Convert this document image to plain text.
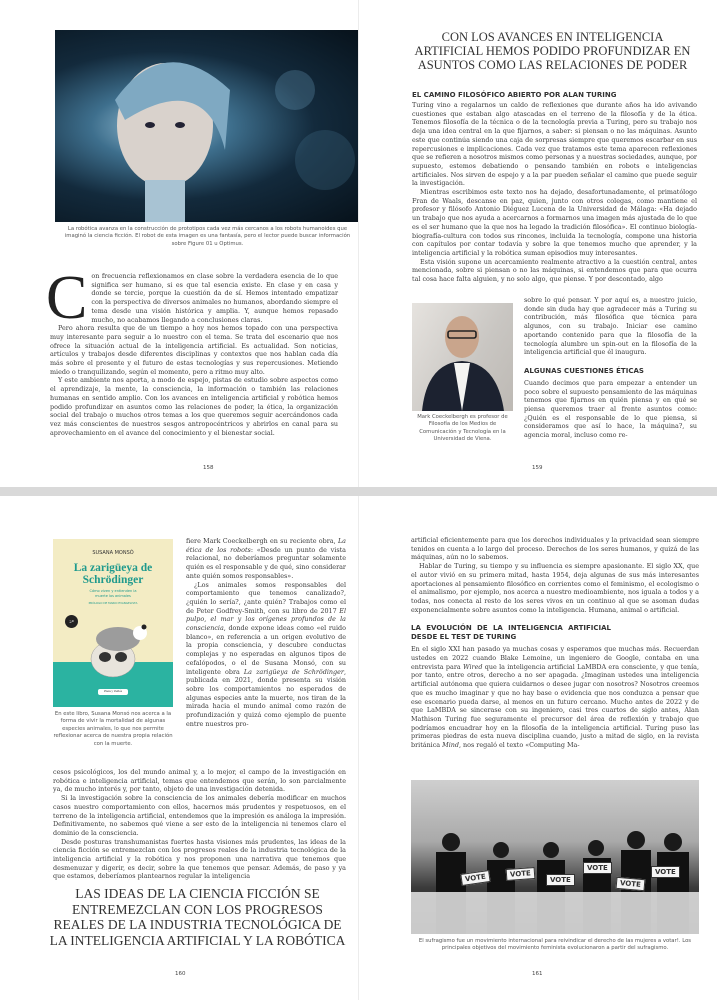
La robótica avanza en la construcción de prototipos cada vez más cercanos a los robots humanoides que imaginó la ciencia ficción. El robot de esta imagen es una fantasía, pero el lector puede buscar información sobre Figure 01 u Optimus.

Con frecuencia reflexionamos en clase sobre la verdadera esencia de lo que significa ser humano, si es que tal esencia existe. En clase y en casa y donde se tercie, porque la cuestión da de sí. Hemos intentado empatizar con la perspectiva de diversos animales no humanos, abordando siempre el tema desde una visión histórica y amplia. Y, aunque hemos repasado mucho, no acabamos llegando a conclusiones claras.

Pero ahora resulta que de un tiempo a hoy nos hemos topado con una perspectiva muy interesante para seguir a lo nuestro con el tema. Se trata del escenario que nos ofrece la situación actual de la inteligencia artificial. Es actualidad. Son noticias, artículos y trabajos desde diferentes disciplinas y contextos que nos hablan cada día más sobre el presente y el futuro de estas tecnologías y sus repercusiones. Metiendo miedo o tranquilizando, según el momento, pero a ritmo muy alto.

Y este ambiente nos aporta, a modo de espejo, pistas de estudio sobre aspectos como el aprendizaje, la mente, la consciencia, la información o también las relaciones humanas en sentido amplio. Con los avances en inteligencia artificial y robótica hemos podido profundizar en asuntos como las relaciones de poder, la ética, la organización social del trabajo o muchos otros temas a los que queremos seguir acercándonos cada vez más conscientes de nuestros sesgos antropocéntricos y abrirlos en canal para su aprovechamiento en el avance del conocimiento y el bienestar social.

158
CON LOS AVANCES EN INTELIGENCIA ARTIFICIAL HEMOS PODIDO PROFUNDIZAR EN ASUNTOS COMO LAS RELACIONES DE PODER
EL CAMINO FILOSÓFICO ABIERTO POR ALAN TURING

Turing vino a regalarnos un caldo de reflexiones que durante años ha ido avivando cuestiones que estaban algo atascadas en el terreno de la filosofía y de la ética. Tenemos filosofía de la técnica o de la tecnología previa a Turing, pero su trabajo nos deja una idea central en la que fijarnos, a saber: si piensan o no las máquinas. Asunto este que continúa siendo una caja de sorpresas siempre que queremos escarbar en sus repercusiones e implicaciones. Cada vez que tratamos este tema aparecen reflexiones que se refieren a nosotros mismos como personas y a nuestras sociedades, aunque, por supuesto, estemos debatiendo o pensando también en robots e inteligencias artificiales. Nos sirven de espejo y a la par pueden señalar el camino que puede seguir la investigación.

Mientras escribimos este texto nos ha dejado, desafortunadamente, el primatólogo Fran de Waals, descanse en paz, quien, junto con otros colegas, como mantiene el profesor y filósofo Antonio Diéguez Lucena de la Universidad de Málaga: «Ha dejado un trabajo que nos ayuda a acercarnos a formarnos una imagen más ajustada de lo que es el ser humano que la que nos ha legado la tradición filosófica». El continuo biología-biografía-cultura con todos sus rincones, incluida la tecnología, compone una historia con capítulos por contar todavía y sobre la que tenemos mucho que aprender, y la inteligencia artificial y la robótica suman episodios muy interesantes.

Esta visión supone un acercamiento realmente atractivo a la cuestión central, antes mencionada, sobre si piensan o no las máquinas, si entendemos que para que ocurra tal cosa hace falta alguien, y no solo algo, que piense. Y por descontado, algo

Mark Coeckelbergh es profesor de Filosofía de los Medios de Comunicación y Tecnología en la Universidad de Viena.

sobre lo qué pensar. Y por aquí es, a nuestro juicio, donde sin duda hay que agradecer más a Turing su contribución, más filosófica que técnica para algunos, con su trabajo. Iniciar ese camino aportando contenido para que la filosofía de la tecnología alumbre un spin-out en la filosofía de la inteligencia artificial que él inaugura.

ALGUNAS CUESTIONES ÉTICAS

Cuando decimos que para empezar a entender un poco sobre el supuesto pensamiento de las máquinas tenemos que fijarnos en quién piensa y en qué se piensa queremos traer al frente asuntos como: ¿Quién es el responsable de lo que piensa, si consideramos que así lo hace, la máquina?, su agencia moral, incluso como re-

159
SUSANA MONSÓ
La zarigüeya de Schrödinger
Cómo viven y entienden la muerte los animales
PRÓLOGO DE MARIO EVANGELISTA
2ª
Plaza y Valdés
En este libro, Susana Monsó nos acerca a la forma de vivir la mortalidad de algunas especies animales, lo que nos permite reflexionar acerca de nuestra propia relación con la muerte.

fiere Mark Coeckelbergh en su reciente obra, La ética de los robots: «Desde un punto de vista relacional, no deberíamos preguntar solamente quién es el responsable y de qué, sino considerar ante quién somos responsables».

¿Los animales somos responsables del comportamiento que tenemos canalizado?, ¿quién lo sería?, ¿ante quién? Trabajos como el de Peter Godfrey-Smith, con su libro de 2017 El pulpo, el mar y los orígenes profundos de la consciencia, donde expone ideas como «el ruido blanco», en referencia a un origen evolutivo de la propia consciencia, y descubre conductas complejas y no esperadas en algunos tipos de cefalópodos, o el de Susana Monsó, con su inteligente obra La zarigüeya de Schrödinger, publicada en 2021, donde presenta su visión sobre los comportamientos no esperados de algunas especies ante la muerte, nos tiran de la mirada hacia el mundo animal como razón de profundización y quizá como ejemplo de puente entre nuestros pro-

cesos psicológicos, los del mundo animal y, a lo mejor, el campo de la investigación en robótica e inteligencia artificial, temas que entendemos que serán, lo son parcialmente ya, de mucho interés y, por tanto, objeto de una investigación detenida.

Si la investigación sobre la consciencia de los animales debería modificar en muchos casos nuestro comportamiento con ellos, hacernos más prudentes y respetuosos, en el terreno de la inteligencia artificial, entendemos que la impresión es análoga la impresión. Definitivamente, no sabemos qué viene a ser esto de la inteligencia ni tenemos claro el dominio de la consciencia.

Desde posturas transhumanistas fuertes hasta visiones más prudentes, las ideas de la ciencia ficción se entremezclan con los progresos reales de la industria tecnológica de la inteligencia artificial y la robótica y nos proponen una narrativa que tenemos que desmenuzar y digerir, es decir, sobre la que tenemos que pensar. Además, de paso y ya que estamos, deberíamos plantearnos regular la inteligencia

LAS IDEAS DE LA CIENCIA FICCIÓN SE ENTREMEZCLAN CON LOS PROGRESOS REALES DE LA INDUSTRIA TECNOLÓGICA DE LA INTELIGENCIA ARTIFICIAL Y LA ROBÓTICA
160

artificial eficientemente para que los derechos individuales y la privacidad sean siempre tenidos en cuenta a lo largo del proceso. Derechos de los seres humanos, y quizá de las máquinas, aún no lo sabemos.

Hablar de Turing, su tiempo y su influencia es siempre apasionante. El siglo XX, que el autor vivió en su primera mitad, hasta 1954, deja algunas de sus más interesantes aportaciones al pensamiento filosófico en corrientes como el feminismo, el ecologismo o el animalismo, por ejemplo, nos acerca a nuestro medioambiente, nos iguala a todos y a todas, nos conecta al resto de los seres vivos en un continuo al que se asoman dudas exponencialmente sobre asuntos como la inteligencia. Humana, animal o artificial.

LA EVOLUCIÓN DE LA INTELIGENCIA ARTIFICIAL DESDE EL TEST DE TURING

En el siglo XXI han pasado ya muchas cosas y esperamos que muchas más. Recuerdan ustedes en 2022 cuando Blake Lemoine, un ingeniero de Google, contaba en una entrevista para Wired que la inteligencia artificial LaMBDA era consciente, y que tenía, por tanto, entre otros, derecho a no ser apagada. ¿Imaginan ustedes una inteligencia artificial autónoma que quiera cuidarnos o desee jugar con nosotros? Nosotros creemos que es mucho imaginar y que no hay base o evidencia que nos conduzca a pensar que ese escenario pueda darse, al menos en un futuro cercano. Mucho antes de 2022 y de que LaMBDA se sincerase con su ingeniero, casi tres cuartos de siglo antes, Alan Mathison Turing fue seguramente el precursor del área de reflexión y trabajo que podríamos encuadrar hoy en la filosofía de la inteligencia artificial. Turing puso las primeras piedras de esta nueva disciplina cuando, justo a mitad de siglo, en la revista británica Mind, nos regaló el texto «Computing Ma-

VOTE	VOTE
VOTE
VOTE
VOTE
VOTE
El sufragismo fue un movimiento internacional para reivindicar el derecho de las mujeres a votar!. Los principales objetivos del movimiento feminista evolucionaron a partir del sufragismo.
161
